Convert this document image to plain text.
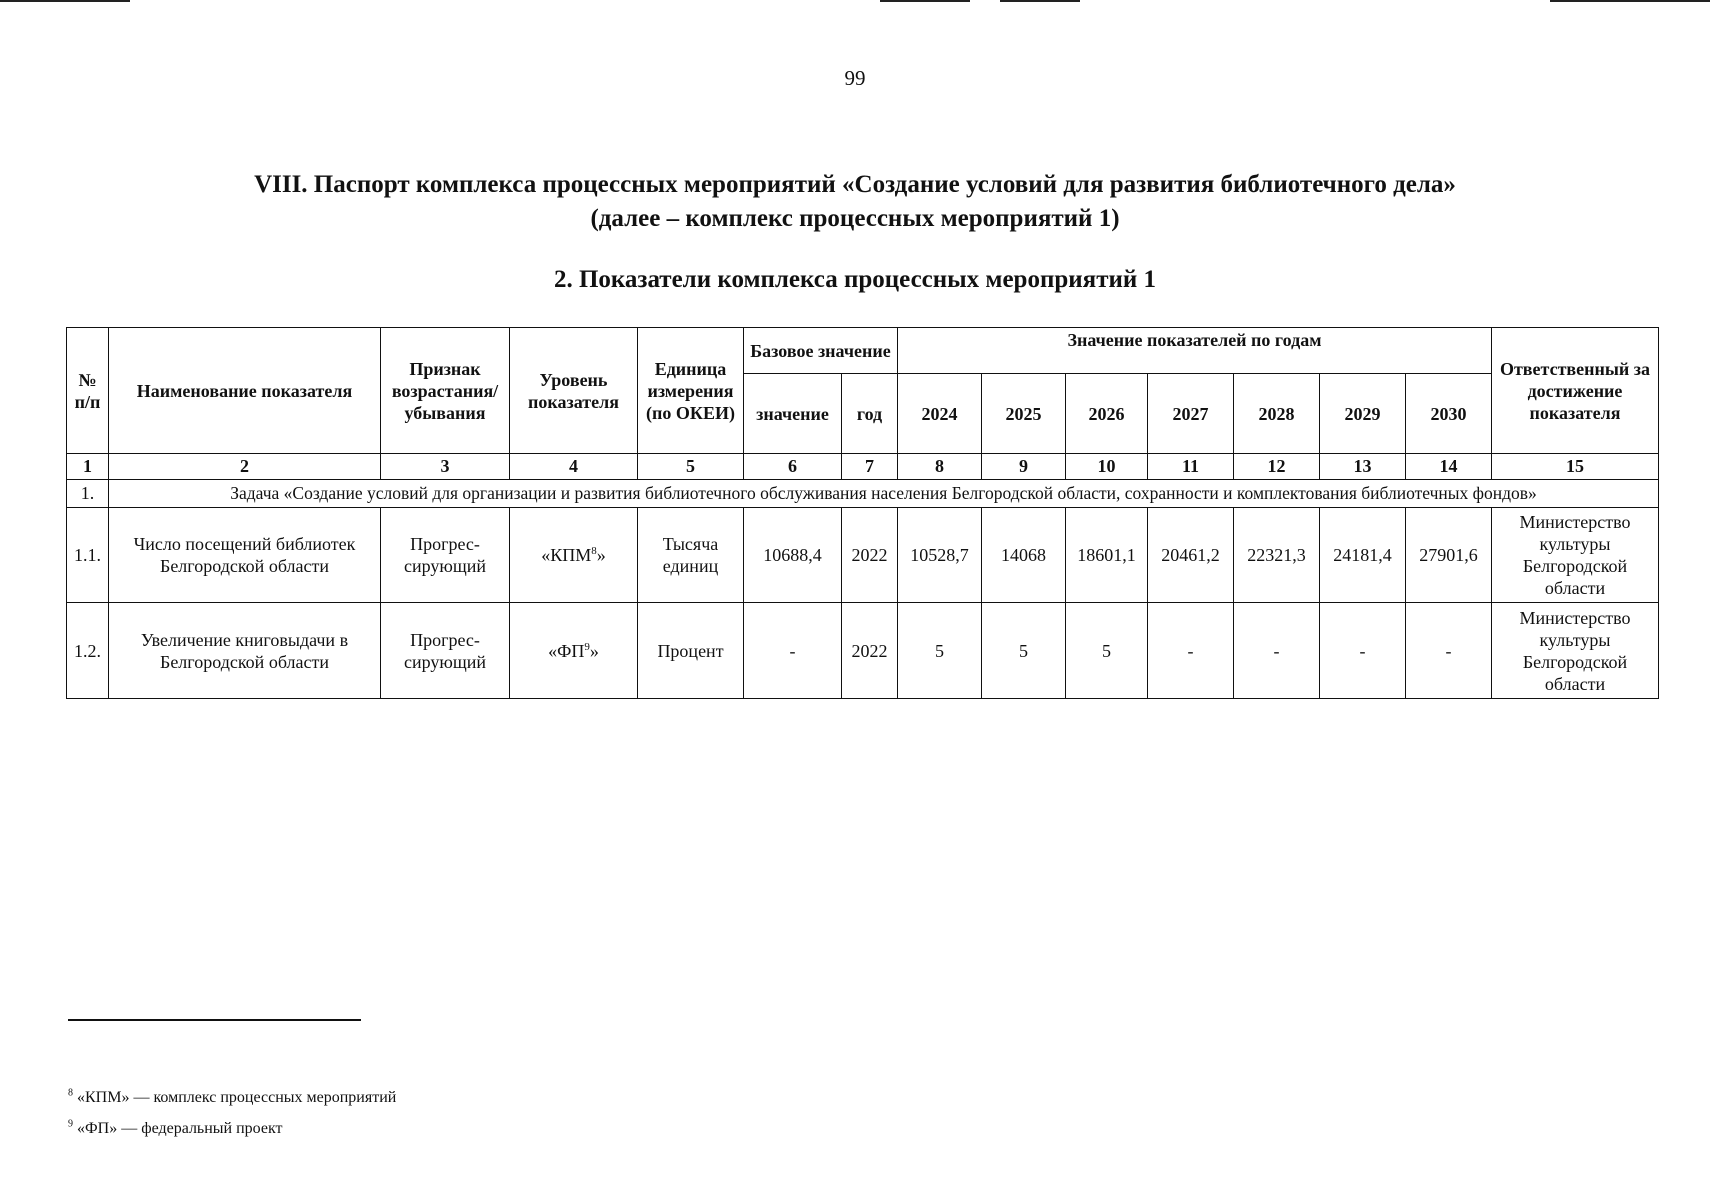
99
VIII. Паспорт комплекса процессных мероприятий «Создание условий для развития библиотечного дела»
(далее – комплекс процессных мероприятий 1)
2. Показатели комплекса процессных мероприятий 1
№ п/п	Наименование показателя	Признак возрастания/ убывания	Уровень показателя	Единица измерения (по ОКЕИ)	Базовое значение		Значение показателей по годам							Ответственный за достижение показателя
					значение	год	2024	2025	2026	2027	2028	2029	2030	
1	2	3	4	5	6	7	8	9	10	11	12	13	14	15
1.	Задача «Создание условий для организации и развития библиотечного обслуживания населения Белгородской области, сохранности и комплектования библиотечных фондов»													
1.1.	Число посещений библиотек Белгородской области	Прогрес-сирующий	«КПМ$^8$»	Тысяча единиц	10688,4	2022	10528,7	14068	18601,1	20461,2	22321,3	24181,4	27901,6	Министерство культуры Белгородской области
1.2.	Увеличение книговыдачи в Белгородской области	Прогрес-сирующий	«$ФП^9$»	Процент	-	2022	5	5	5	-	-	-	-	Министерство культуры Белгородской области
$^8$ «КПМ» — комплекс процессных мероприятий
$^9$ «ФП» — федеральный проект
